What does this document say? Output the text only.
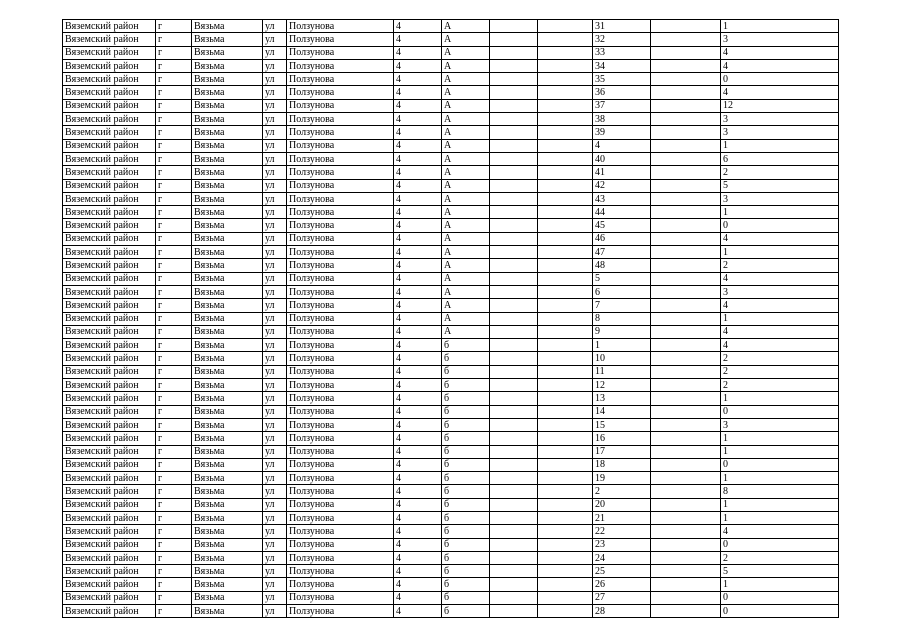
Вяземский район	г	Вязьма	ул	Ползунова	4	А			31		1
Вяземский район	г	Вязьма	ул	Ползунова	4	А			32		3
Вяземский район	г	Вязьма	ул	Ползунова	4	А			33		4
Вяземский район	г	Вязьма	ул	Ползунова	4	А			34		4
Вяземский район	г	Вязьма	ул	Ползунова	4	А			35		0
Вяземский район	г	Вязьма	ул	Ползунова	4	А			36		4
Вяземский район	г	Вязьма	ул	Ползунова	4	А			37		12
Вяземский район	г	Вязьма	ул	Ползунова	4	А			38		3
Вяземский район	г	Вязьма	ул	Ползунова	4	А			39		3
Вяземский район	г	Вязьма	ул	Ползунова	4	А			4		1
Вяземский район	г	Вязьма	ул	Ползунова	4	А			40		6
Вяземский район	г	Вязьма	ул	Ползунова	4	А			41		2
Вяземский район	г	Вязьма	ул	Ползунова	4	А			42		5
Вяземский район	г	Вязьма	ул	Ползунова	4	А			43		3
Вяземский район	г	Вязьма	ул	Ползунова	4	А			44		1
Вяземский район	г	Вязьма	ул	Ползунова	4	А			45		0
Вяземский район	г	Вязьма	ул	Ползунова	4	А			46		4
Вяземский район	г	Вязьма	ул	Ползунова	4	А			47		1
Вяземский район	г	Вязьма	ул	Ползунова	4	А			48		2
Вяземский район	г	Вязьма	ул	Ползунова	4	А			5		4
Вяземский район	г	Вязьма	ул	Ползунова	4	А			6		3
Вяземский район	г	Вязьма	ул	Ползунова	4	А			7		4
Вяземский район	г	Вязьма	ул	Ползунова	4	А			8		1
Вяземский район	г	Вязьма	ул	Ползунова	4	А			9		4
Вяземский район	г	Вязьма	ул	Ползунова	4	б			1		4
Вяземский район	г	Вязьма	ул	Ползунова	4	б			10		2
Вяземский район	г	Вязьма	ул	Ползунова	4	б			11		2
Вяземский район	г	Вязьма	ул	Ползунова	4	б			12		2
Вяземский район	г	Вязьма	ул	Ползунова	4	б			13		1
Вяземский район	г	Вязьма	ул	Ползунова	4	б			14		0
Вяземский район	г	Вязьма	ул	Ползунова	4	б			15		3
Вяземский район	г	Вязьма	ул	Ползунова	4	б			16		1
Вяземский район	г	Вязьма	ул	Ползунова	4	б			17		1
Вяземский район	г	Вязьма	ул	Ползунова	4	б			18		0
Вяземский район	г	Вязьма	ул	Ползунова	4	б			19		1
Вяземский район	г	Вязьма	ул	Ползунова	4	б			2		8
Вяземский район	г	Вязьма	ул	Ползунова	4	б			20		1
Вяземский район	г	Вязьма	ул	Ползунова	4	б			21		1
Вяземский район	г	Вязьма	ул	Ползунова	4	б			22		4
Вяземский район	г	Вязьма	ул	Ползунова	4	б			23		0
Вяземский район	г	Вязьма	ул	Ползунова	4	б			24		2
Вяземский район	г	Вязьма	ул	Ползунова	4	б			25		5
Вяземский район	г	Вязьма	ул	Ползунова	4	б			26		1
Вяземский район	г	Вязьма	ул	Ползунова	4	б			27		0
Вяземский район	г	Вязьма	ул	Ползунова	4	б			28		0
